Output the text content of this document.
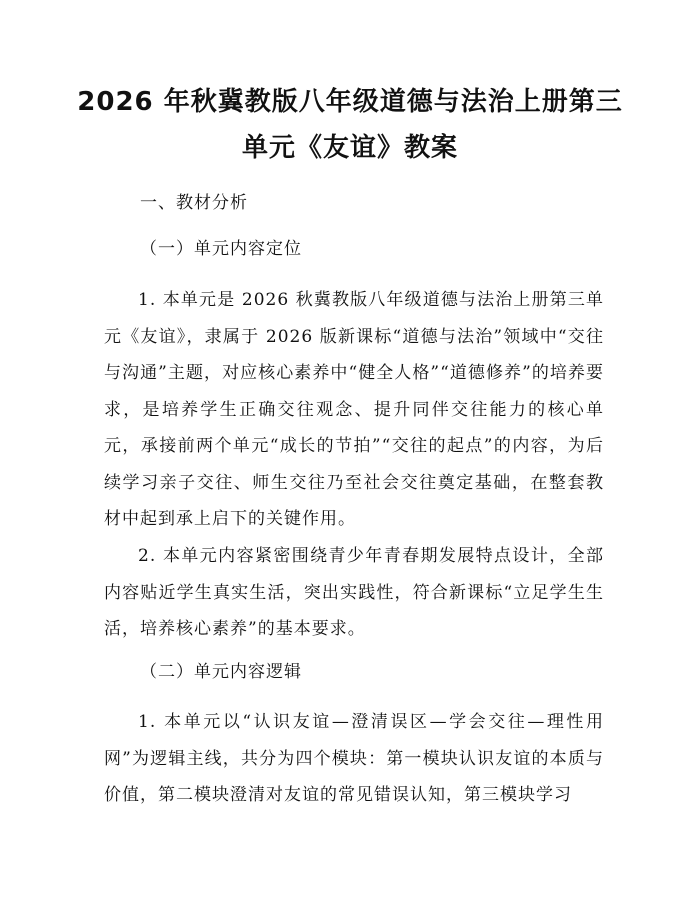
2026 年秋冀教版八年级道德与法治上册第三
单元《友谊》教案

一、教材分析

（一）单元内容定位

1. 本单元是 2026 秋冀教版八年级道德与法治上册第三单元《友谊》，隶属于 2026 版新课标“道德与法治”领域中“交往与沟通”主题，对应核心素养中“健全人格”“道德修养”的培养要求，是培养学生正确交往观念、提升同伴交往能力的核心单元，承接前两个单元“成长的节拍”“交往的起点”的内容，为后续学习亲子交往、师生交往乃至社会交往奠定基础，在整套教材中起到承上启下的关键作用。

2. 本单元内容紧密围绕青少年青春期发展特点设计，全部内容贴近学生真实生活，突出实践性，符合新课标“立足学生生活，培养核心素养”的基本要求。

（二）单元内容逻辑

1. 本单元以“认识友谊—澄清误区—学会交往—理性用网”为逻辑主线，共分为四个模块：第一模块认识友谊的本质与价值，第二模块澄清对友谊的常见错误认知，第三模块学习
